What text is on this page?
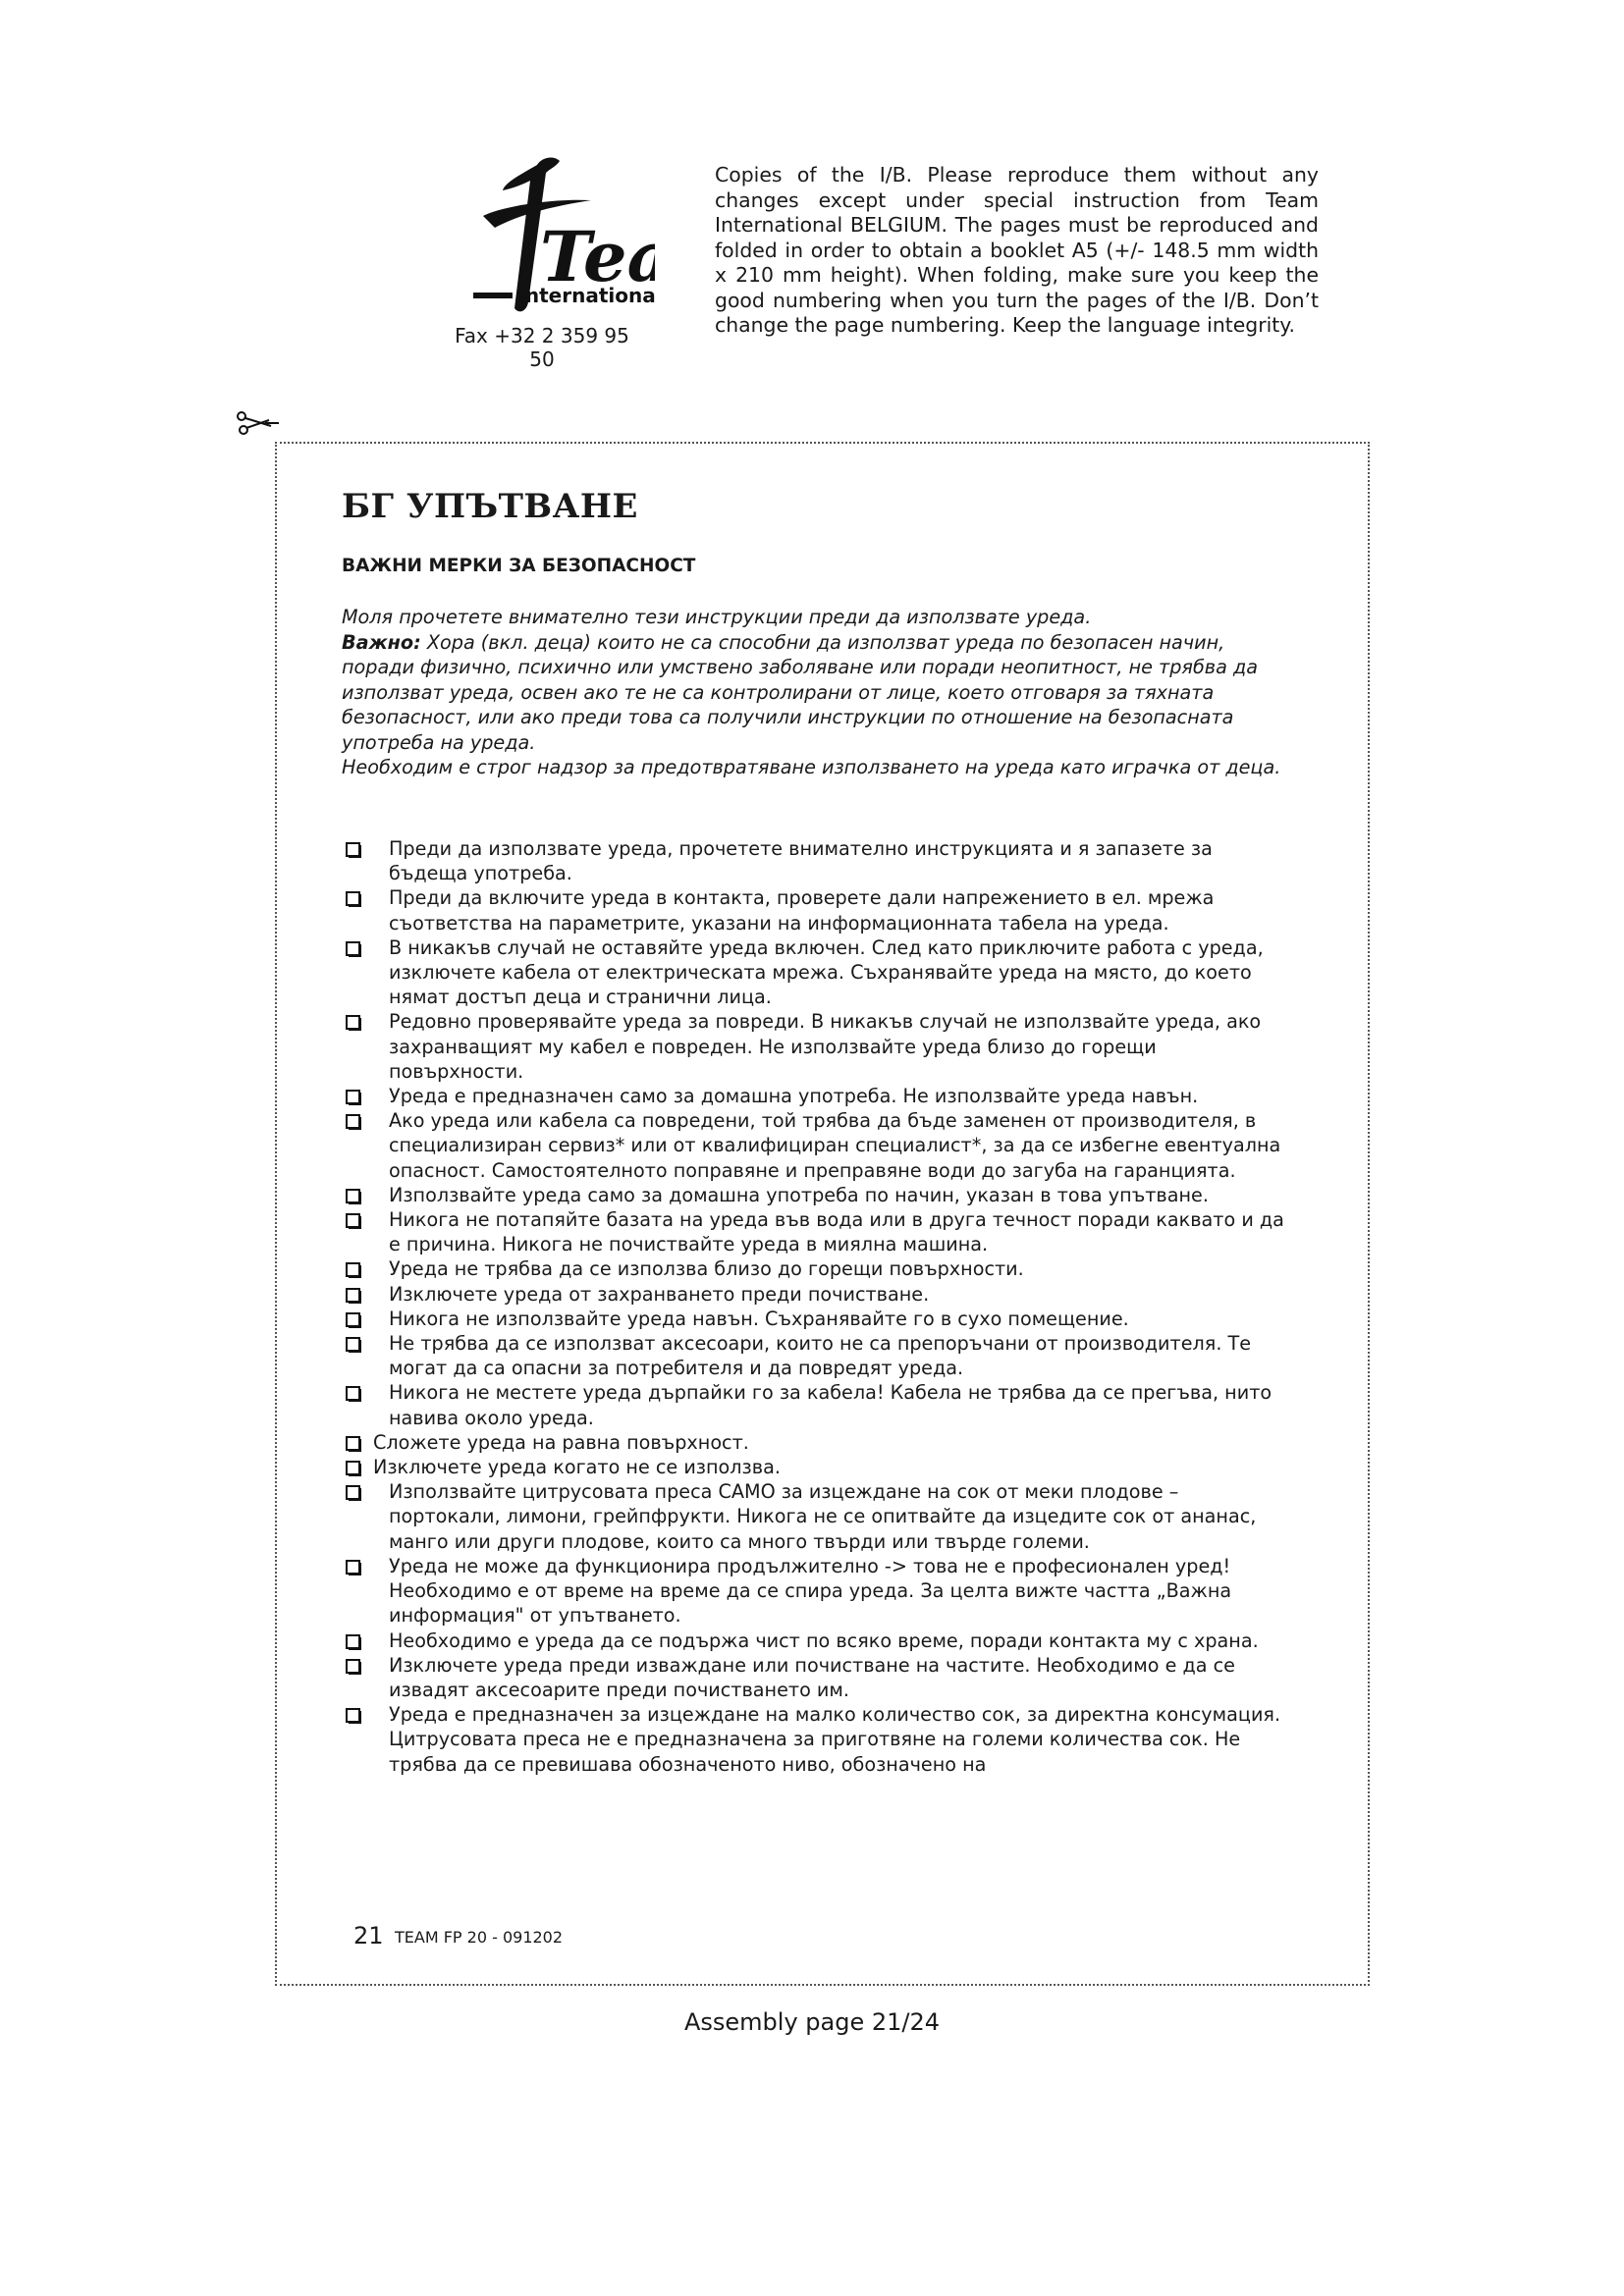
Te
international
Fax +32 2 359 95 50
Copies of the I/B. Please reproduce them without any changes except under special instruction from Team International BELGIUM. The pages must be reproduced and folded in order to obtain a booklet A5 (+/- 148.5 mm width x 210 mm height). When folding, make sure you keep the good numbering when you turn the pages of the I/B. Don’t change the page numbering. Keep the language integrity.
БГ УПЪТВАНЕ
ВАЖНИ МЕРКИ ЗА БЕЗОПАСНОСТ

Моля прочетете внимателно тези инструкции преди да използвате уреда.

Важно: Хора (вкл. деца) които не са способни да използват уреда по безопасен начин, поради физично, психично или умствено заболяване или поради неопитност, не трябва да използват уреда, освен ако те не са контролирани от лице, което отговаря за тяхната безопасност, или ако преди това са получили инструкции по отношение на безопасната употреба на уреда.

Необходим е строг надзор за предотвратяване използването на уреда като играчка от деца.

Преди да използвате уреда, прочетете внимателно инструкцията и я запазете за бъдеща употреба.
Преди да включите уреда в контакта, проверете дали напрежението в ел. мрежа съответства на параметрите, указани на информационната табела на уреда.
В никакъв случай не оставяйте уреда включен. След като приключите работа с уреда, изключете кабела от електрическата мрежа. Съхранявайте уреда на място, до което нямат достъп деца и странични лица.
Редовно проверявайте уреда за повреди. В никакъв случай не използвайте уреда, ако захранващият му кабел е повреден. Не използвайте уреда близо до горещи повърхности.
Уреда е предназначен само за домашна употреба. Не използвайте уреда навън.
Ако уреда или кабела са повредени, той трябва да бъде заменен от производителя, в специализиран сервиз* или от квалифициран специалист*, за да се избегне евентуална опасност. Самостоятелното поправяне и преправяне води до загуба на гаранцията.
Използвайте уреда само за домашна употреба по начин, указан в това упътване.
Никога не потапяйте базата на уреда във вода или в друга течност поради каквато и да е причина. Никога не почиствайте уреда в миялна машина.
Уреда не трябва да се използва близо до горещи повърхности.
Изключете уреда от захранването преди почистване.
Никога не използвайте уреда навън. Съхранявайте го в сухо помещение.
Не трябва да се използват аксесоари, които не са препоръчани от производителя. Те могат да са опасни за потребителя и да повредят уреда.
Никога не местете уреда дърпайки го за кабела! Кабела не трябва да се прегъва, нито навива около уреда.
Сложете уреда на равна повърхност.
Изключете уреда когато не се използва.
Използвайте цитрусовата преса САМО за изцеждане на сок от меки плодове – портокали, лимони, грейпфрукти. Никога не се опитвайте да изцедите сок от ананас, манго или други плодове, които са много твърди или твърде големи.
Уреда не може да функционира продължително -> това не е професионален уред! Необходимо е от време на време да се спира уреда. За целта вижте частта „Важна информация" от упътването.
Необходимо е уреда да се подържа чист по всяко време, поради контакта му с храна.
Изключете уреда преди изваждане или почистване на частите. Необходимо е да се извадят аксесоарите преди почистването им.
Уреда е предназначен за изцеждане на малко количество сок, за директна консумация. Цитрусовата преса не е предназначена за приготвяне на големи количества сок. Не трябва да се превишава обозначеното ниво, обозначено на
21 TEAM FP 20 - 091202
Assembly page 21/24
